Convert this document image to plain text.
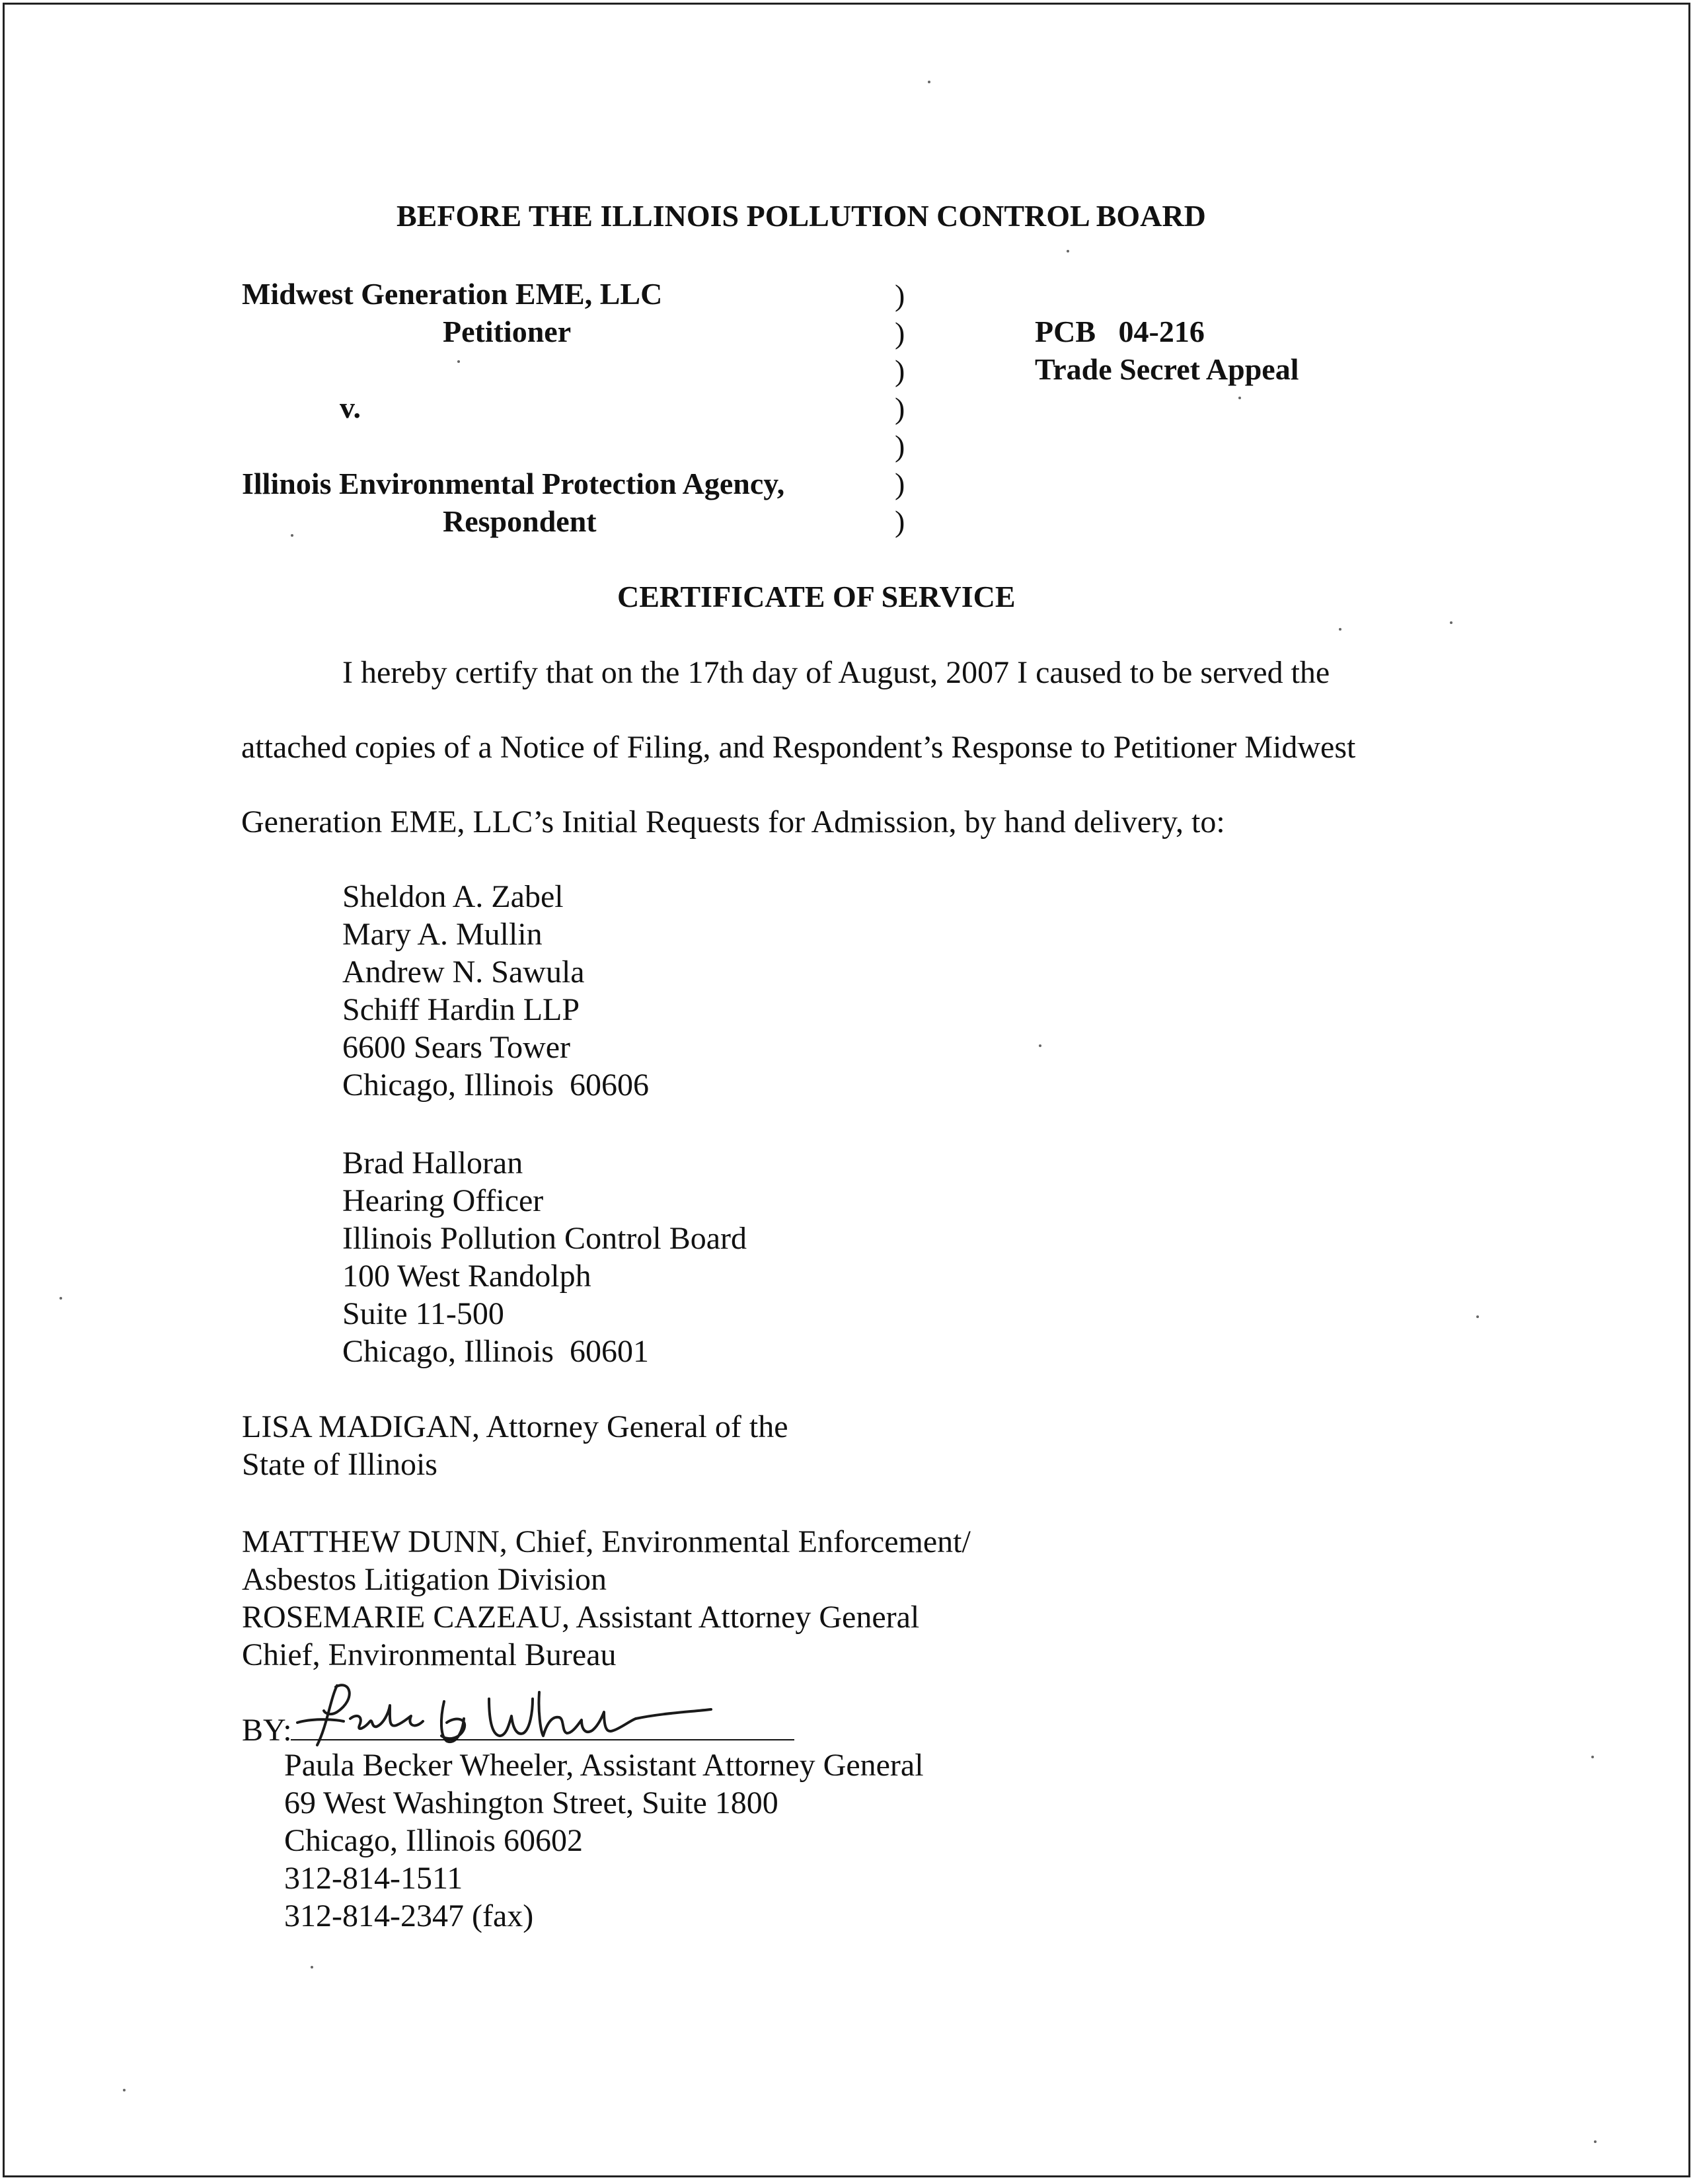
BEFORE THE ILLINOIS POLLUTION CONTROL BOARD
Midwest Generation EME, LLC
Petitioner
v.
Illinois Environmental Protection Agency,
Respondent
)
)
)
)
)
)
)
PCB   04-216
Trade Secret Appeal
CERTIFICATE OF SERVICE
I hereby certify that on the 17th day of August, 2007 I caused to be served the
attached copies of a Notice of Filing, and Respondent’s Response to Petitioner Midwest
Generation EME, LLC’s Initial Requests for Admission, by hand delivery, to:
Sheldon A. Zabel
Mary A. Mullin
Andrew N. Sawula
Schiff Hardin LLP
6600 Sears Tower
Chicago, Illinois  60606
Brad Halloran
Hearing Officer
Illinois Pollution Control Board
100 West Randolph
Suite 11-500
Chicago, Illinois  60601
LISA MADIGAN, Attorney General of the
State of Illinois
MATTHEW DUNN, Chief, Environmental Enforcement/
Asbestos Litigation Division
ROSEMARIE CAZEAU, Assistant Attorney General
Chief, Environmental Bureau
BY:
Paula Becker Wheeler, Assistant Attorney General
69 West Washington Street, Suite 1800
Chicago, Illinois 60602
312-814-1511
312-814-2347 (fax)
